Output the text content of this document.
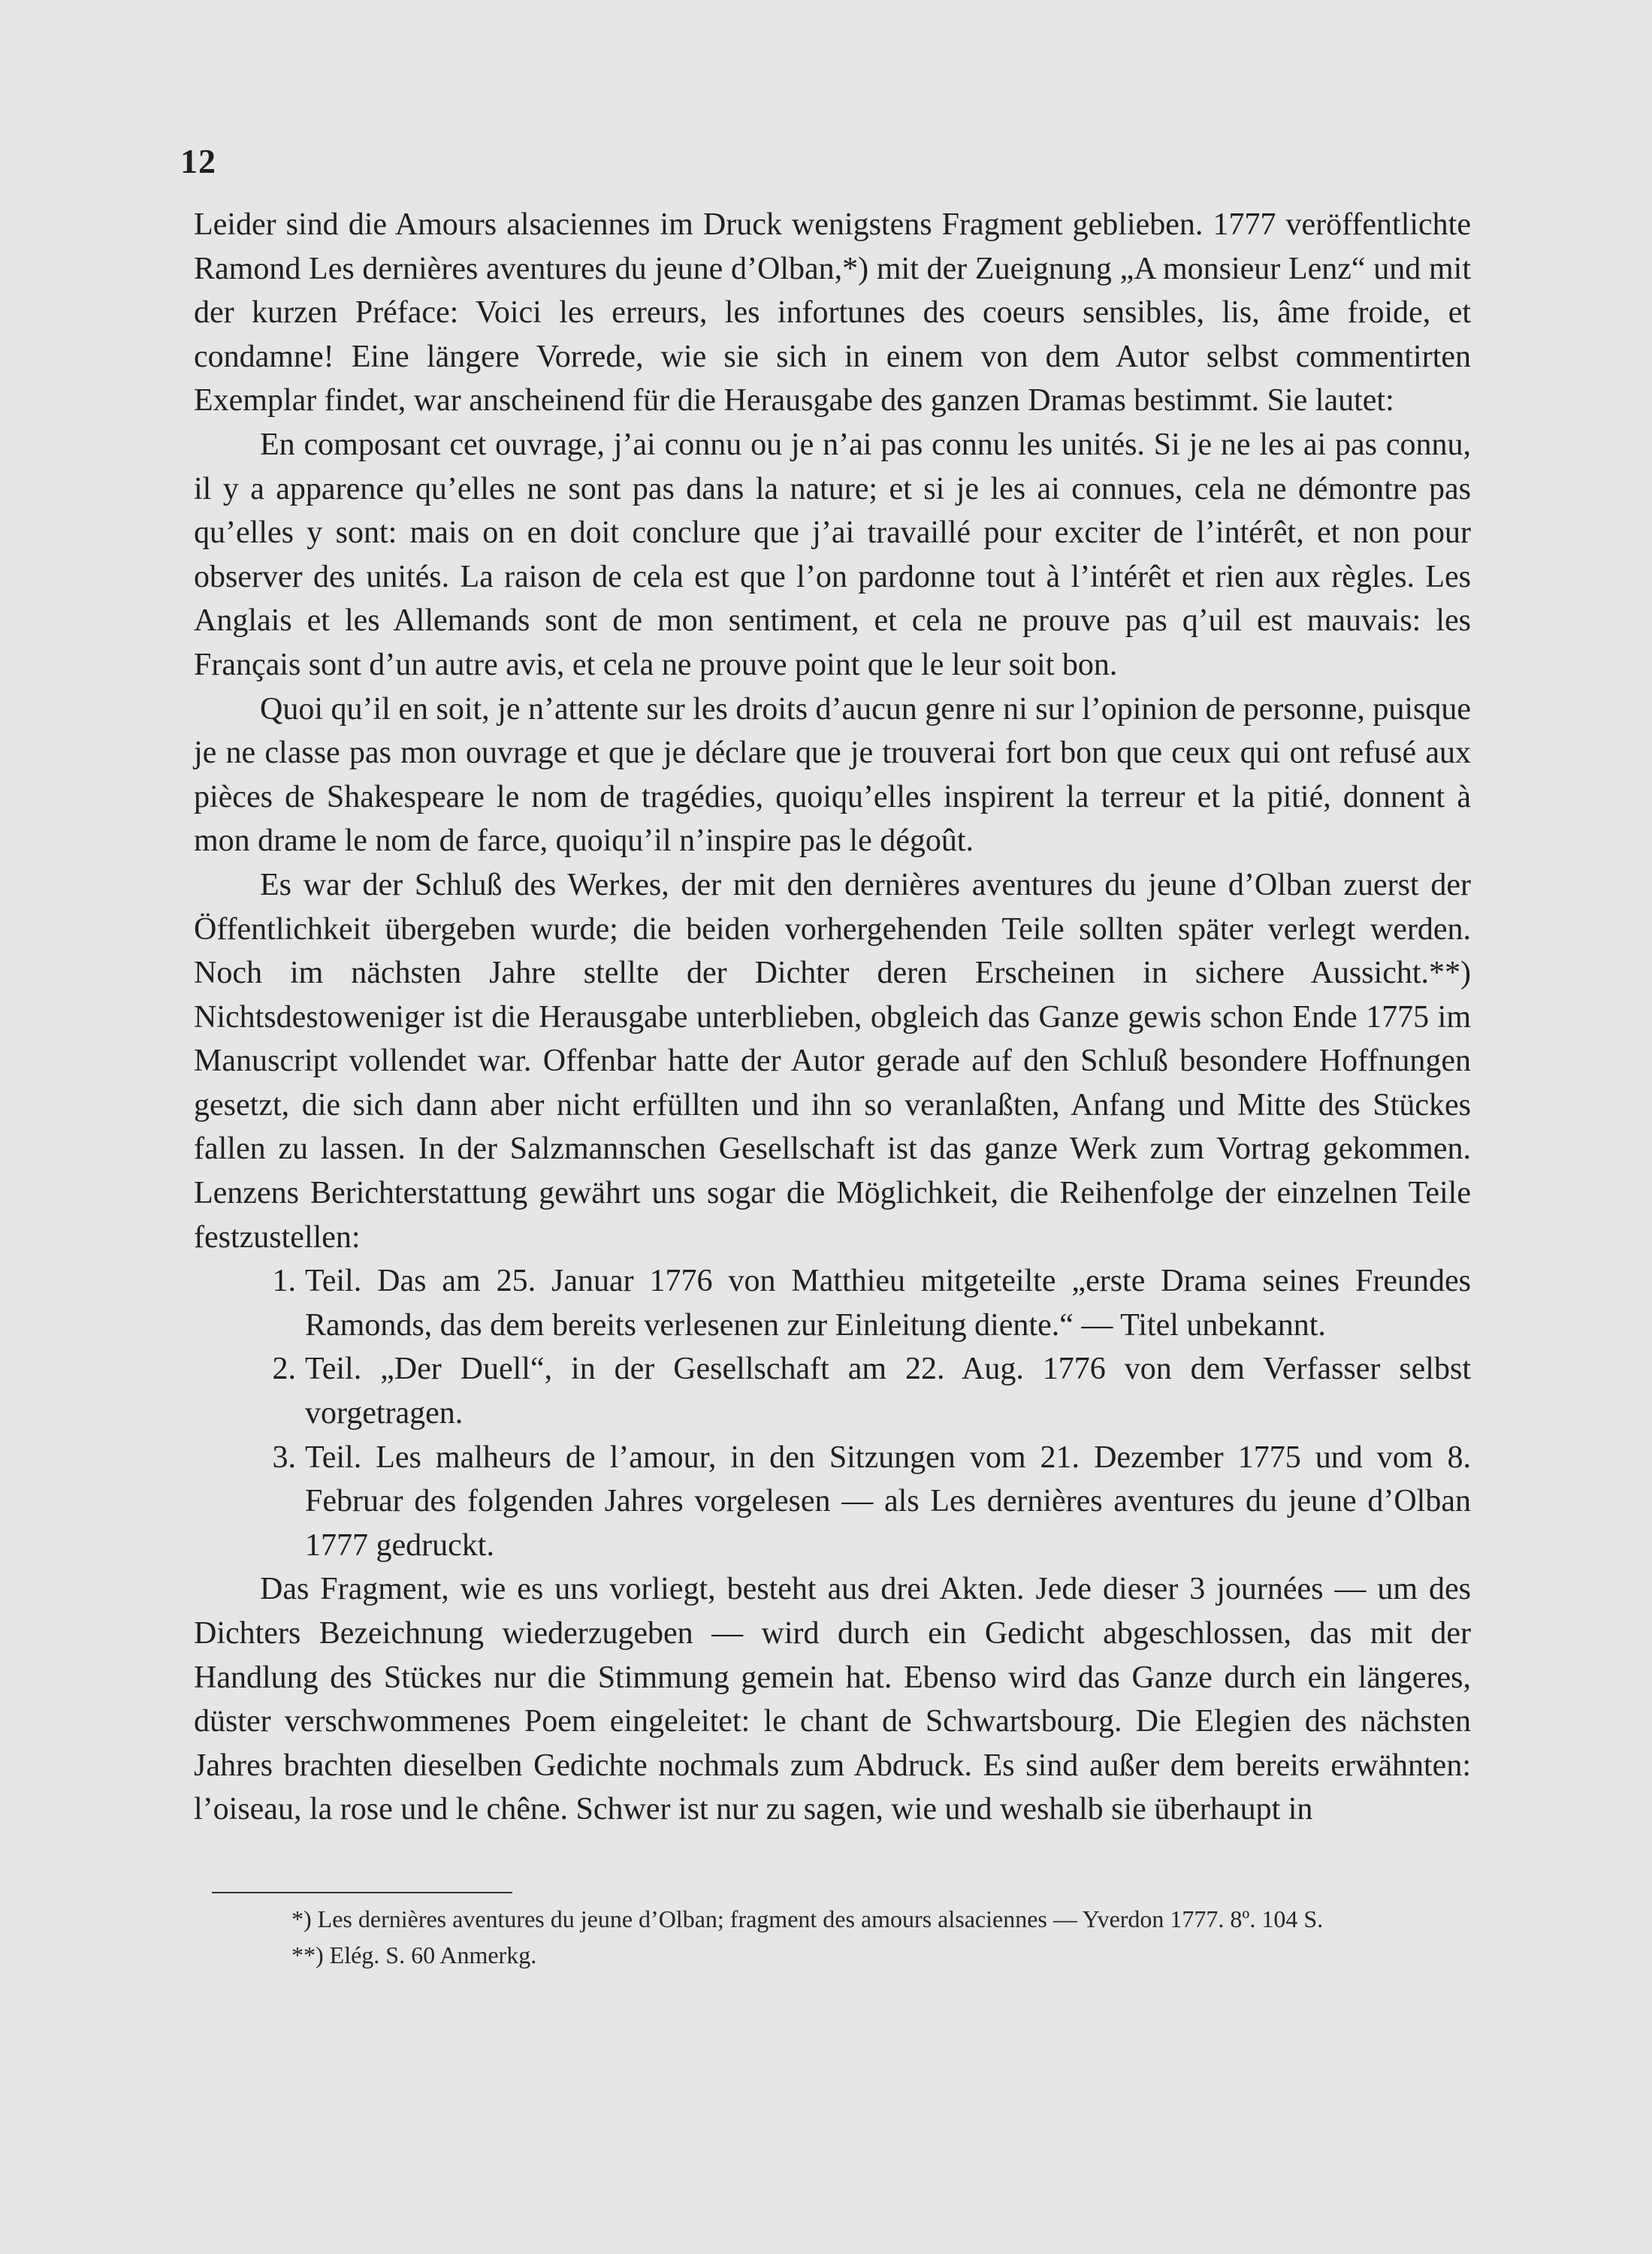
12

Leider sind die Amours alsaciennes im Druck wenigstens Fragment geblieben. 1777 veröffentlichte Ramond Les dernières aventures du jeune d’Olban,*) mit der Zueignung „A monsieur Lenz“ und mit der kurzen Préface: Voici les erreurs, les infortunes des coeurs sensibles, lis, âme froide, et condamne! Eine längere Vorrede, wie sie sich in einem von dem Autor selbst commentirten Exemplar findet, war anscheinend für die Herausgabe des ganzen Dramas bestimmt. Sie lautet:

En composant cet ouvrage, j’ai connu ou je n’ai pas connu les unités. Si je ne les ai pas connu, il y a apparence qu’elles ne sont pas dans la nature; et si je les ai connues, cela ne démontre pas qu’elles y sont: mais on en doit conclure que j’ai travaillé pour exciter de l’intérêt, et non pour observer des unités. La raison de cela est que l’on pardonne tout à l’intérêt et rien aux règles. Les Anglais et les Allemands sont de mon sentiment, et cela ne prouve pas q’uil est mauvais: les Français sont d’un autre avis, et cela ne prouve point que le leur soit bon.

Quoi qu’il en soit, je n’attente sur les droits d’aucun genre ni sur l’opinion de personne, puisque je ne classe pas mon ouvrage et que je déclare que je trouverai fort bon que ceux qui ont refusé aux pièces de Shakespeare le nom de tragédies, quoiqu’elles inspirent la terreur et la pitié, donnent à mon drame le nom de farce, quoiqu’il n’inspire pas le dégoût.

Es war der Schluß des Werkes, der mit den dernières aventures du jeune d’Olban zuerst der Öffentlichkeit übergeben wurde; die beiden vorhergehenden Teile sollten später verlegt werden. Noch im nächsten Jahre stellte der Dichter deren Erscheinen in sichere Aussicht.**) Nichtsdestoweniger ist die Herausgabe unterblieben, obgleich das Ganze gewis schon Ende 1775 im Manuscript vollendet war. Offenbar hatte der Autor gerade auf den Schluß besondere Hoffnungen gesetzt, die sich dann aber nicht erfüllten und ihn so veranlaßten, Anfang und Mitte des Stückes fallen zu lassen. In der Salzmannschen Gesellschaft ist das ganze Werk zum Vortrag gekommen. Lenzens Berichterstattung gewährt uns sogar die Möglichkeit, die Reihenfolge der einzelnen Teile festzustellen:

1. Teil. Das am 25. Januar 1776 von Matthieu mitgeteilte „erste Drama seines Freundes Ramonds, das dem bereits verlesenen zur Einleitung diente.“ — Titel unbekannt.
2. Teil. „Der Duell“, in der Gesellschaft am 22. Aug. 1776 von dem Verfasser selbst vorgetragen.
3. Teil. Les malheurs de l’amour, in den Sitzungen vom 21. Dezember 1775 und vom 8. Februar des folgenden Jahres vorgelesen — als Les dernières aventures du jeune d’Olban 1777 gedruckt.

Das Fragment, wie es uns vorliegt, besteht aus drei Akten. Jede dieser 3 journées — um des Dichters Bezeichnung wiederzugeben — wird durch ein Gedicht abgeschlossen, das mit der Handlung des Stückes nur die Stimmung gemein hat. Ebenso wird das Ganze durch ein längeres, düster verschwommenes Poem eingeleitet: le chant de Schwartsbourg. Die Elegien des nächsten Jahres brachten dieselben Gedichte nochmals zum Abdruck. Es sind außer dem bereits erwähnten: l’oiseau, la rose und le chêne. Schwer ist nur zu sagen, wie und weshalb sie überhaupt in

*) Les dernières aventures du jeune d’Olban; fragment des amours alsaciennes — Yverdon 1777. 8º. 104 S.

**) Elég. S. 60 Anmerkg.
